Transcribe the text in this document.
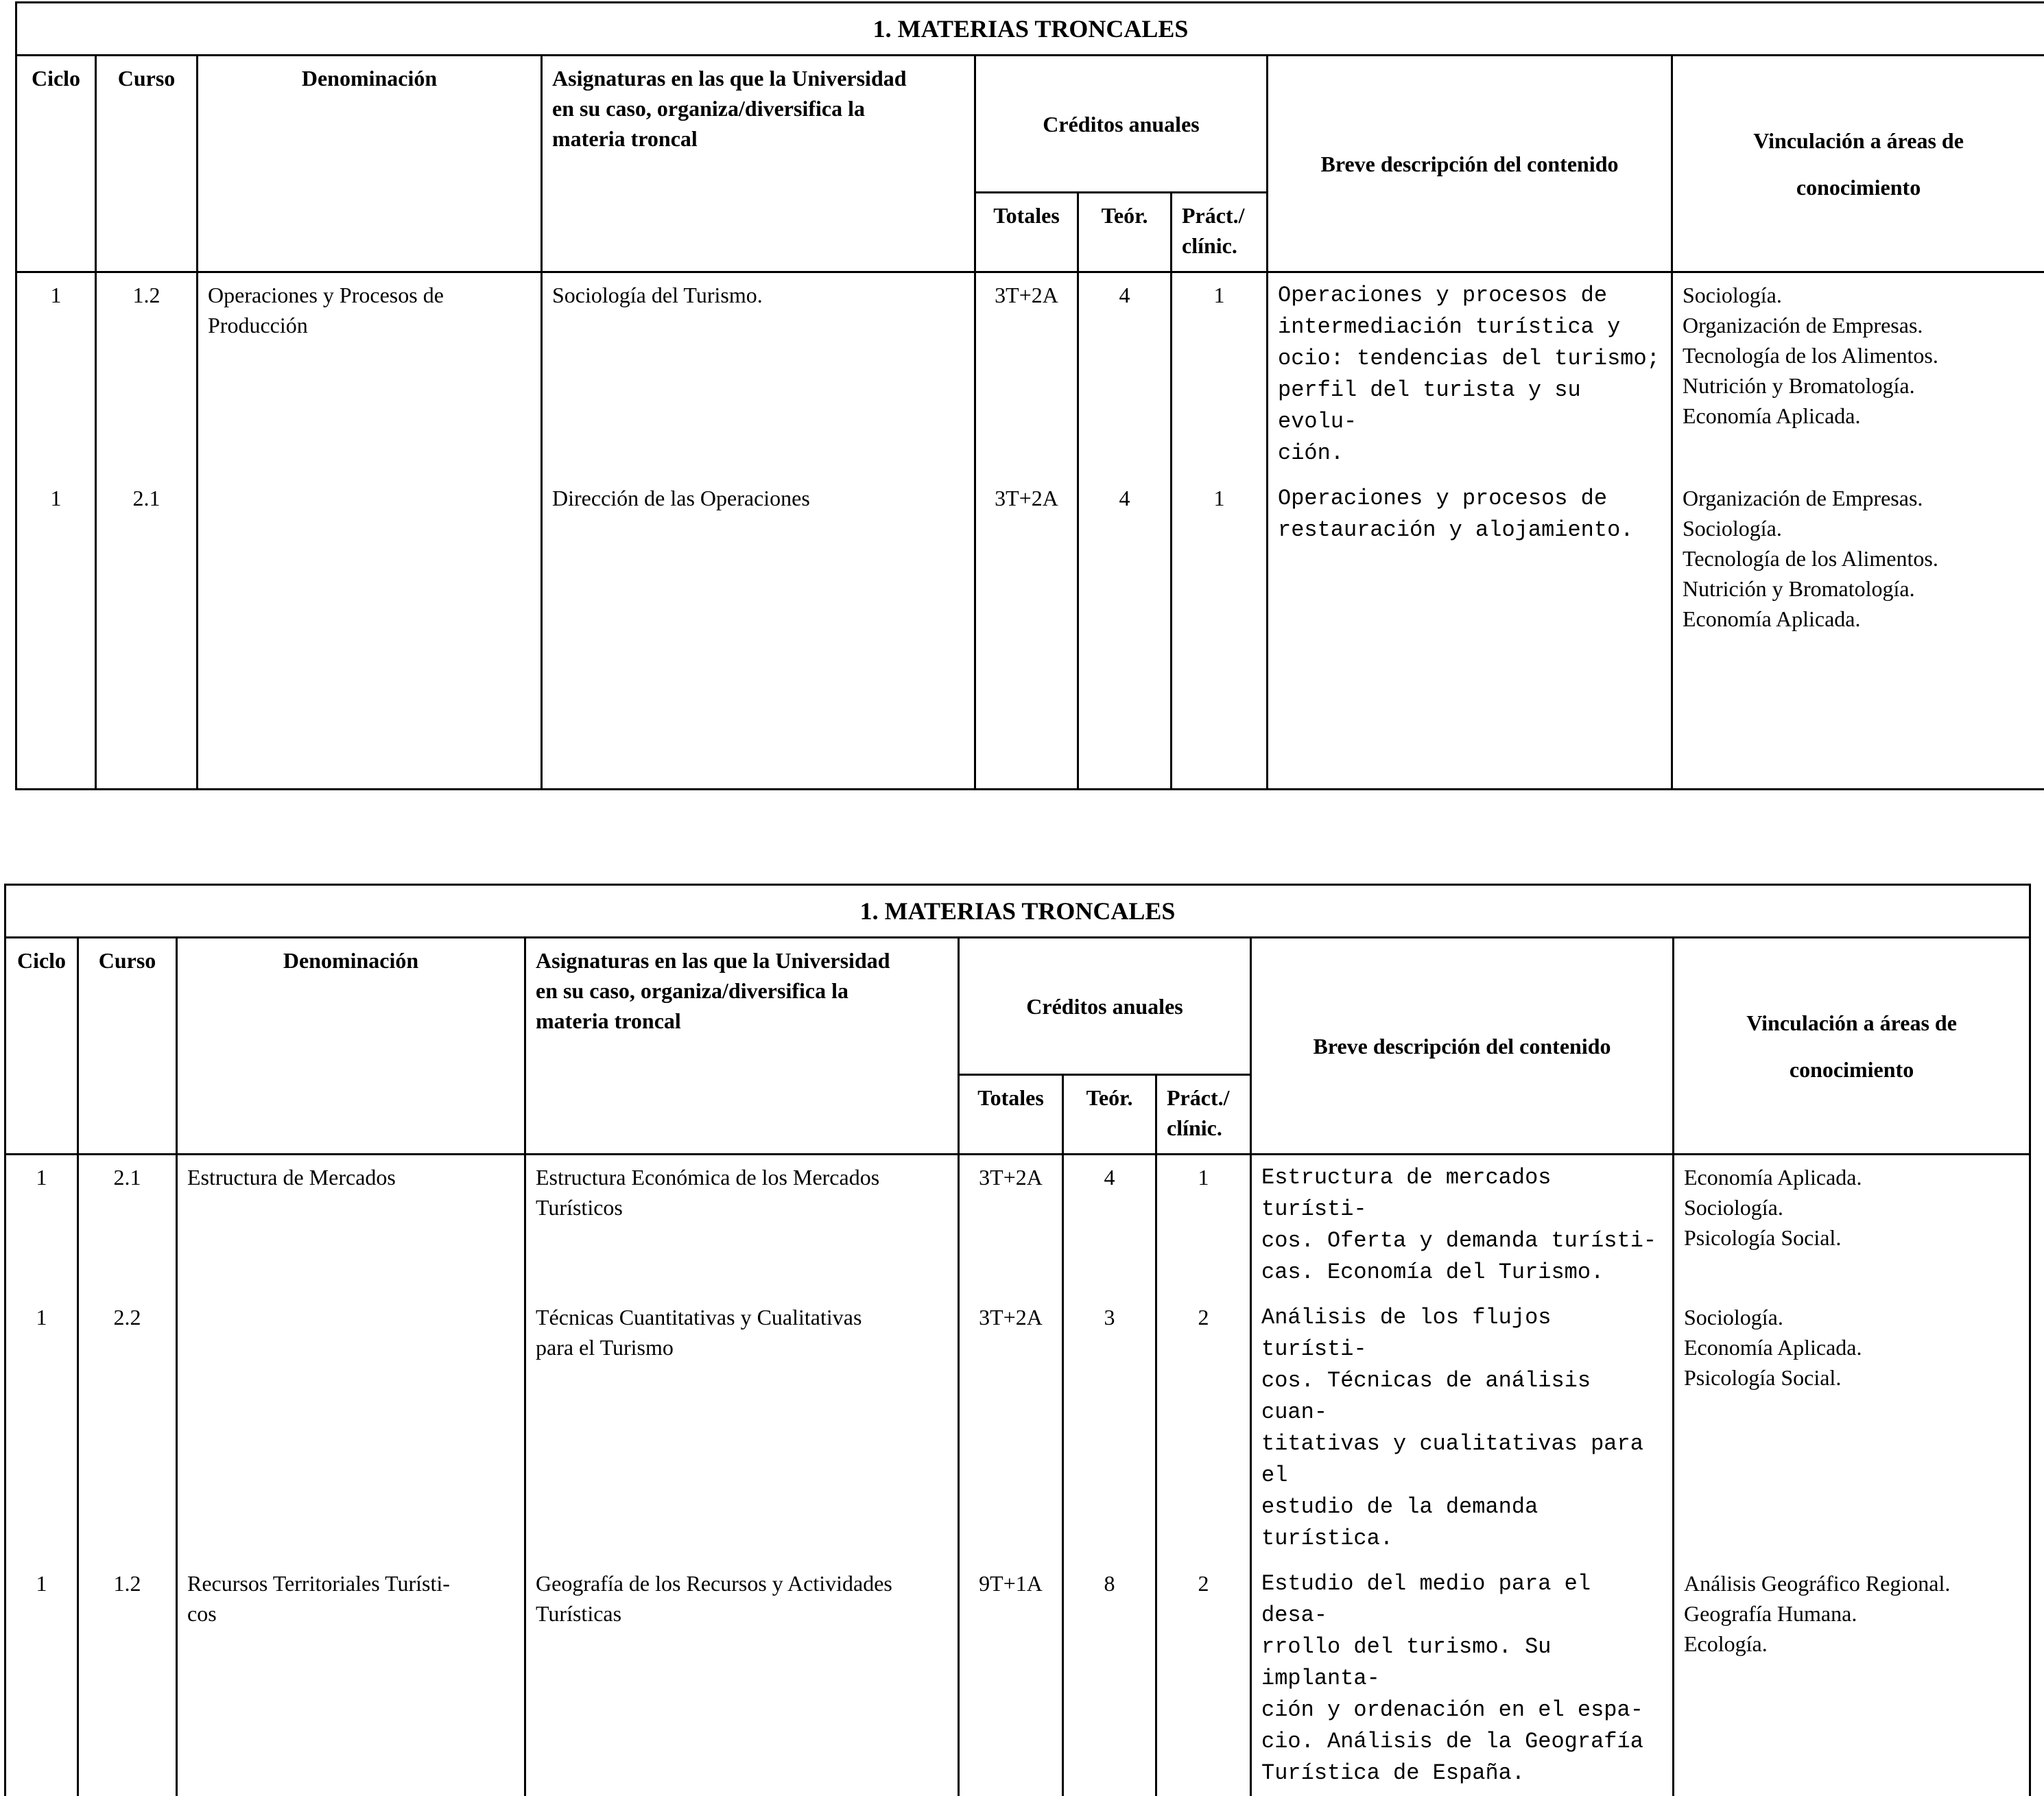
1. MATERIAS TRONCALES								
Ciclo	Curso	Denominación	Asignaturas en las que la Universidad
en su caso, organiza/diversifica la
materia troncal	Créditos anuales			Breve descripción del contenido	Vinculación a áreas de
conocimiento
				Totales	Teór.	Práct./
clínic.		
1	1.2	Operaciones y Procesos de
Producción	Sociología del Turismo.	3T+2A	4	1	Operaciones y procesos de
intermediación turística y
ocio: tendencias del turismo;
perfil del turista y su evolu-
ción.	Sociología.
Organización de Empresas.
Tecnología de los Alimentos.
Nutrición y Bromatología.
Economía Aplicada.
1	2.1		Dirección de las Operaciones	3T+2A	4	1	Operaciones y procesos de
restauración y alojamiento.	Organización de Empresas.
Sociología.
Tecnología de los Alimentos.
Nutrición y Bromatología.
Economía Aplicada.
1. MATERIAS TRONCALES								
Ciclo	Curso	Denominación	Asignaturas en las que la Universidad
en su caso, organiza/diversifica la
materia troncal	Créditos anuales			Breve descripción del contenido	Vinculación a áreas de
conocimiento
				Totales	Teór.	Práct./
clínic.		
1	2.1	Estructura de Mercados	Estructura Económica de los Mercados
Turísticos	3T+2A	4	1	Estructura de mercados turísti-
cos. Oferta y demanda turísti-
cas. Economía del Turismo.	Economía Aplicada.
Sociología.
Psicología Social.
1	2.2		Técnicas Cuantitativas y Cualitativas
para el Turismo	3T+2A	3	2	Análisis de los flujos turísti-
cos. Técnicas de análisis cuan-
titativas y cualitativas para el
estudio de la demanda turística.	Sociología.
Economía Aplicada.
Psicología Social.
1	1.2	Recursos Territoriales Turísti-
cos	Geografía de los Recursos y Actividades
Turísticas	9T+1A	8	2	Estudio del medio para el desa-
rrollo del turismo. Su implanta-
ción y ordenación en el espa-
cio. Análisis de la Geografía
Turística de España.	Análisis Geográfico Regional.
Geografía Humana.
Ecología.
